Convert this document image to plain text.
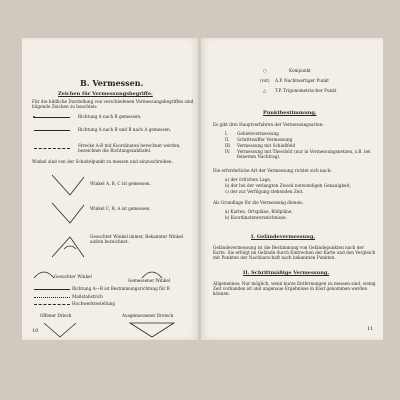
B. Vermessen.
Zeichen für Vermessungsbegriffe.
Für die bildliche Darstellung von verschiedenen Vermessungsbegriffen sind folgende Zeichen zu beachten:
Richtung A nach B gemessen.
Richtung A nach B und B nach A gemessen.
Strecke A-B mit Koordinaten berechnet werden, bezeichnet die Richtungszahltafel.
Winkel sind von der Scheitelpunkt zu messen und einzuschreiben.
Winkel A, B, C ist gemessen.
Winkel C, B, A ist gemessen.
Gesuchter Winkel immer, Bekannter Winkel außen bezeichnet.
Gesuchter Winkel
Gemessener Winkel
Richtung A—B ist Bestimmungsrichtung für B
Maßstabstrich
Hochwerktestellung
Offener Drieck	Ausgemessener Dreieck
10
○	Kompunkt
(vst) A.P. Nachtwertiger Punkt
△ T.P. Trigonometrischer Punkt
Punktbestimmung.
Es gibt drei Hauptverfahren der Vermessungsarten:
I. Gebietsvermessung
II. Schritteziffer Vermessung
III. Vermessung mit Schießfeld
IV. Vermessung mit Theodolit (nur in Vermessungsnetzen, z.B. bei feinerem Nachtrag).
Die erforderliche Art der Vermessung richtet sich nach:
a) der örtlichen Lage,
b) der bei der verlangten Zweck notwendigen Genauigkeit,
c) der zur Verfügung stehenden Zeit.
Als Grundlage für die Vermessung dienen:
a) Karten, Ortspläne, Bildpläne,
b) Koordinatenverzeichnisse.
I. Geländevermessung.
Geländevermessung ist die Bestimmung von Geländepunkten nach der Karte. Sie erfolgt im Gelände durch Eintrechen der Karte und den Vergleich mit Punkten der Nachbarschaft nach bekannten Punkten.
II. Schrittmäßige Vermessung.
Allgemeines: Nur möglich, wenn kurze Entfernungen zu messen sind, wenig Zeit vorhanden ist und ungenaue Ergebnisse in Kauf genommen werden können.
11
